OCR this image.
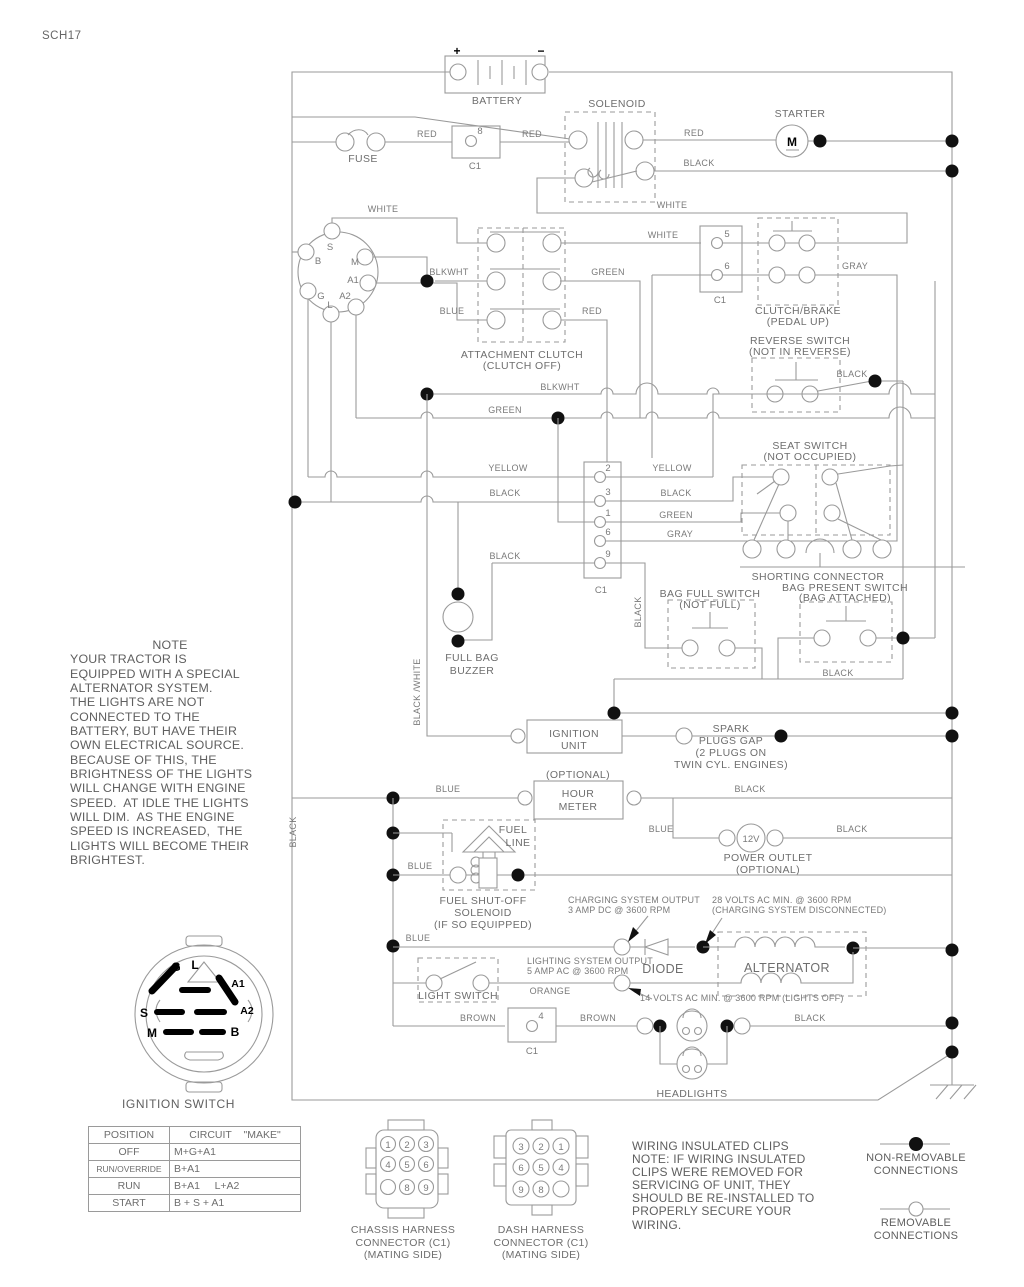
+	−
BATTERY
FUSE
8
C1
SOLENOID
M
STARTER
S
B	M
A1
G
L
A2
ATTACHMENT CLUTCH
(CLUTCH OFF)
5
6
C1
CLUTCH/BRAKE
(PEDAL UP)
REVERSE SWITCH
(NOT IN REVERSE)
2
3
1
6
9
C1
SEAT SWITCH
(NOT OCCUPIED)
SHORTING CONNECTOR
BAG FULL SWITCH
(NOT FULL)
BAG PRESENT SWITCH
(BAG ATTACHED)
FULL BAG
BUZZER
IGNITION
UNIT
SPARK
PLUGS GAP
(2 PLUGS ON
TWIN CYL. ENGINES)
(OPTIONAL)
HOUR
METER
12V
POWER OUTLET
(OPTIONAL)
FUEL
LINE
FUEL SHUT-OFF
SOLENOID
(IF SO EQUIPPED)
DIODE	ALTERNATOR
LIGHT SWITCH
4
C1
HEADLIGHTS
RED	RED	RED
BLACK
WHITE	WHITE
WHITE
GRAY
BLKWHT	GREEN
BLUE	RED
BLACK
BLKWHT
GREEN
YELLOW	YELLOW
BLACK	BLACK
GREEN
GRAY
BLACK
BLACK
BLUE	BLACK
BLUE	BLACK
BLUE
BLUE
ORANGE
BROWN	BROWN	BLACK
BLACK
BLACK
BLACK /WHITE
CHARGING SYSTEM OUTPUT
3 AMP DC @ 3600 RPM
28 VOLTS AC MIN. @ 3600 RPM
(CHARGING SYSTEM DISCONNECTED)
LIGHTING SYSTEM OUTPUT
5 AMP AC @ 3600 RPM
14 VOLTS AC MIN. @ 3600 RPM (LIGHTS OFF)
G L
A1
A2
S
M	B
1 2 3
4 5 6
8 9
3 2 1
6 5 4
9 8
SCH17
NOTE
YOUR TRACTOR IS
EQUIPPED WITH A SPECIAL
ALTERNATOR SYSTEM.
THE LIGHTS ARE NOT
CONNECTED TO THE
BATTERY, BUT HAVE THEIR
OWN ELECTRICAL SOURCE.
BECAUSE OF THIS, THE
BRIGHTNESS OF THE LIGHTS
WILL CHANGE WITH ENGINE
SPEED.  AT IDLE THE LIGHTS
WILL DIM.  AS THE ENGINE
SPEED IS INCREASED,  THE
LIGHTS WILL BECOME THEIR
BRIGHTEST.
IGNITION SWITCH
POSITION	CIRCUIT "MAKE"
OFF	M+G+A1
RUN/OVERRIDE	B+A1
RUN	B+A1 L+A2
START	B + S + A1
CHASSIS HARNESS
CONNECTOR (C1)
(MATING SIDE)
DASH HARNESS
CONNECTOR (C1)
(MATING SIDE)
WIRING INSULATED CLIPS
NOTE: IF WIRING INSULATED
CLIPS WERE REMOVED FOR
SERVICING OF UNIT, THEY
SHOULD BE RE-INSTALLED TO
PROPERLY SECURE YOUR
WIRING.
NON-REMOVABLE
CONNECTIONS
REMOVABLE
CONNECTIONS
